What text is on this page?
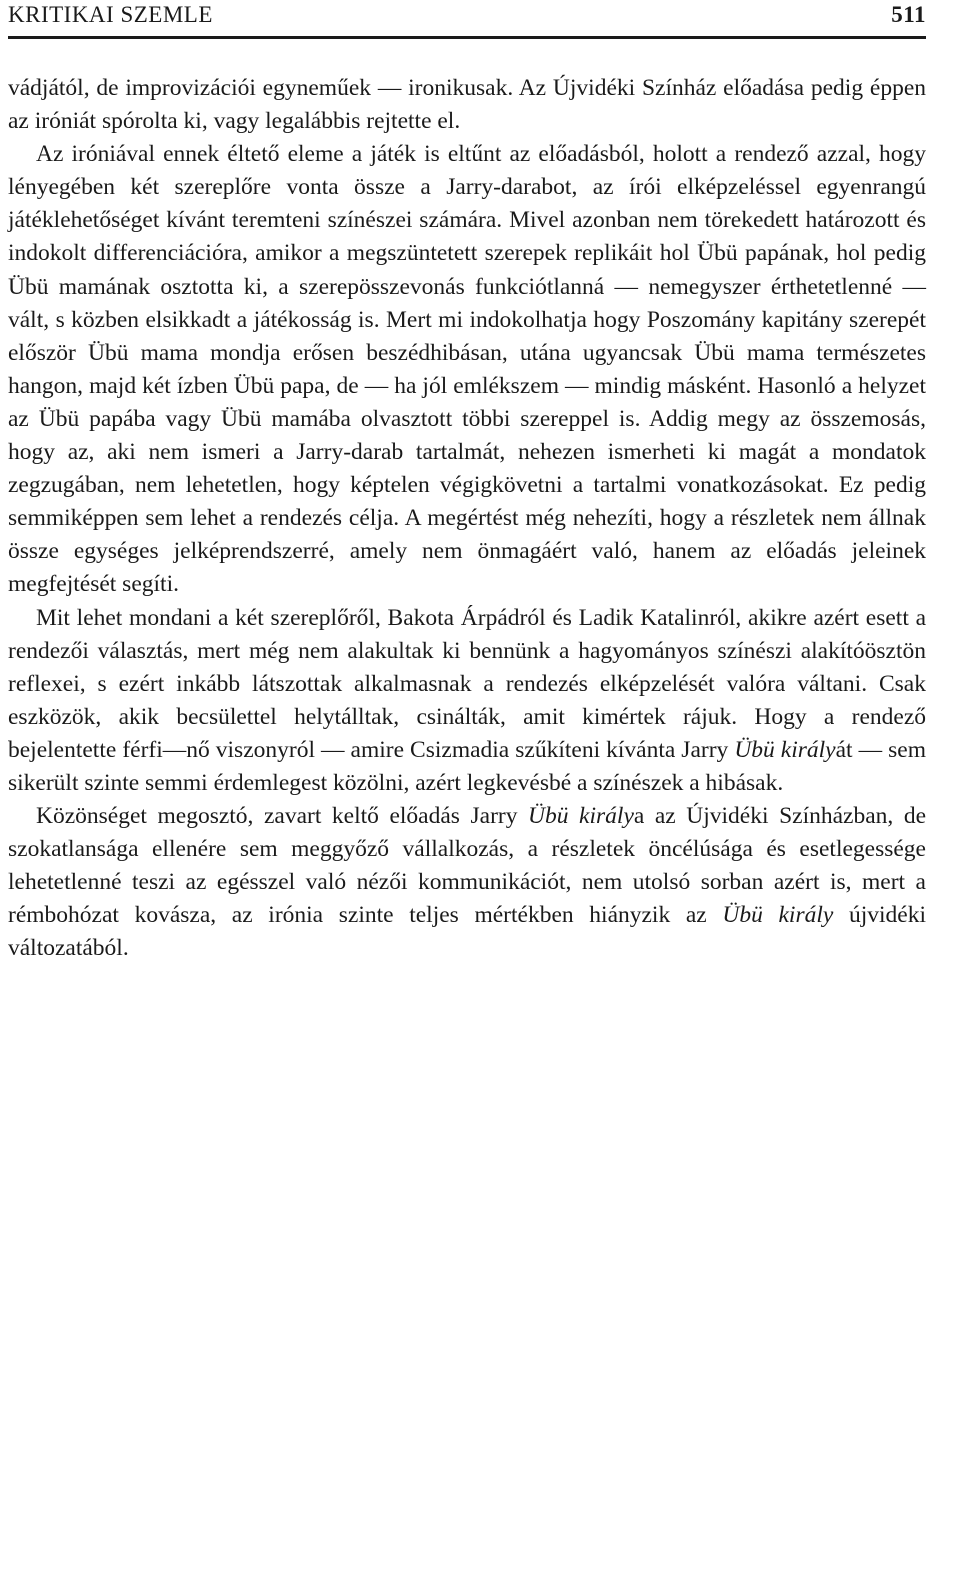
KRITIKAI SZEMLE	511

vádjától, de improvizációi egyneműek — ironikusak. Az Újvidéki Színház előadása pedig éppen az iróniát spórolta ki, vagy legalábbis rejtette el.

Az iróniával ennek éltető eleme a játék is eltűnt az előadásból, holott a rendező azzal, hogy lényegében két szereplőre vonta össze a Jarry-darabot, az írói elképzeléssel egyenrangú játéklehetőséget kívánt teremteni színészei számára. Mivel azonban nem törekedett határozott és indokolt differenciációra, amikor a megszüntetett szerepek replikáit hol Übü papának, hol pedig Übü mamának osztotta ki, a szerepösszevonás funkciótlanná — nemegyszer érthetetlenné — vált, s közben elsikkadt a játékosság is. Mert mi indokolhatja hogy Poszomány kapitány szerepét először Übü mama mondja erősen beszédhibásan, utána ugyancsak Übü mama természetes hangon, majd két ízben Übü papa, de — ha jól emlékszem — mindig másként. Hasonló a helyzet az Übü papába vagy Übü mamába olvasztott többi szereppel is. Addig megy az összemosás, hogy az, aki nem ismeri a Jarry-darab tartalmát, nehezen ismerheti ki magát a mondatok zegzugában, nem lehetetlen, hogy képtelen végigkövetni a tartalmi vonatkozásokat. Ez pedig semmiképpen sem lehet a rendezés célja. A megértést még nehezíti, hogy a részletek nem állnak össze egységes jelképrendszerré, amely nem önmagáért való, hanem az előadás jeleinek megfejtését segíti.

Mit lehet mondani a két szereplőről, Bakota Árpádról és Ladik Katalinról, akikre azért esett a rendezői választás, mert még nem alakultak ki bennünk a hagyományos színészi alakítóösztön reflexei, s ezért inkább látszottak alkalmasnak a rendezés elképzelését valóra váltani. Csak eszközök, akik becsülettel helytálltak, csinálták, amit kimértek rájuk. Hogy a rendező bejelentette férfi—nő viszonyról — amire Csizmadia szűkíteni kívánta Jarry Übü királyát — sem sikerült szinte semmi érdemlegest közölni, azért legkevésbé a színészek a hibásak.

Közönséget megosztó, zavart keltő előadás Jarry Übü királya az Újvidéki Színházban, de szokatlansága ellenére sem meggyőző vállalkozás, a részletek öncélúsága és esetlegessége lehetetlenné teszi az egésszel való nézői kommunikációt, nem utolsó sorban azért is, mert a rémbohózat kovásza, az irónia szinte teljes mértékben hiányzik az Übü király újvidéki változatából.
